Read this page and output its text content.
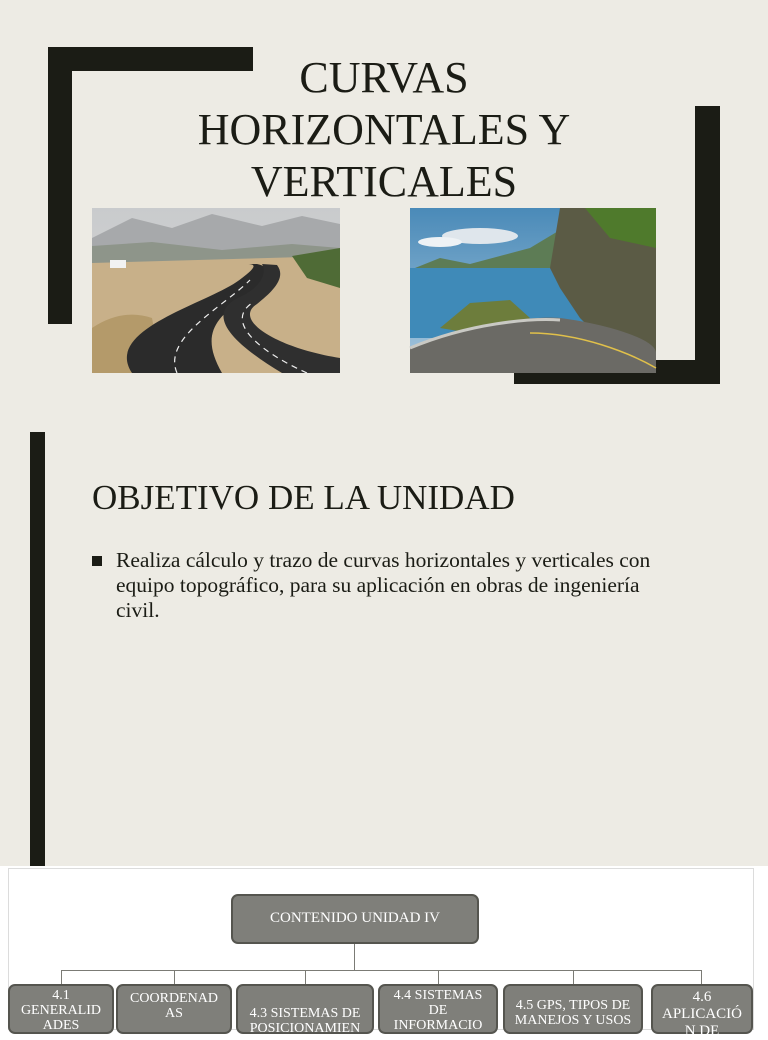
CURVAS HORIZONTALES Y VERTICALES
OBJETIVO DE LA UNIDAD

Realiza cálculo y trazo de curvas horizontales y verticales con equipo topográfico, para su aplicación en obras de ingeniería civil.

CONTENIDO UNIDAD IV
4.1 GENERALID ADES
COORDENAD AS	4.3 SISTEMAS DE POSICIONAMIEN
4.4 SISTEMAS DE INFORMACIO
4.5 GPS, TIPOS DE MANEJOS Y USOS
4.6 APLICACIÓ N DE
